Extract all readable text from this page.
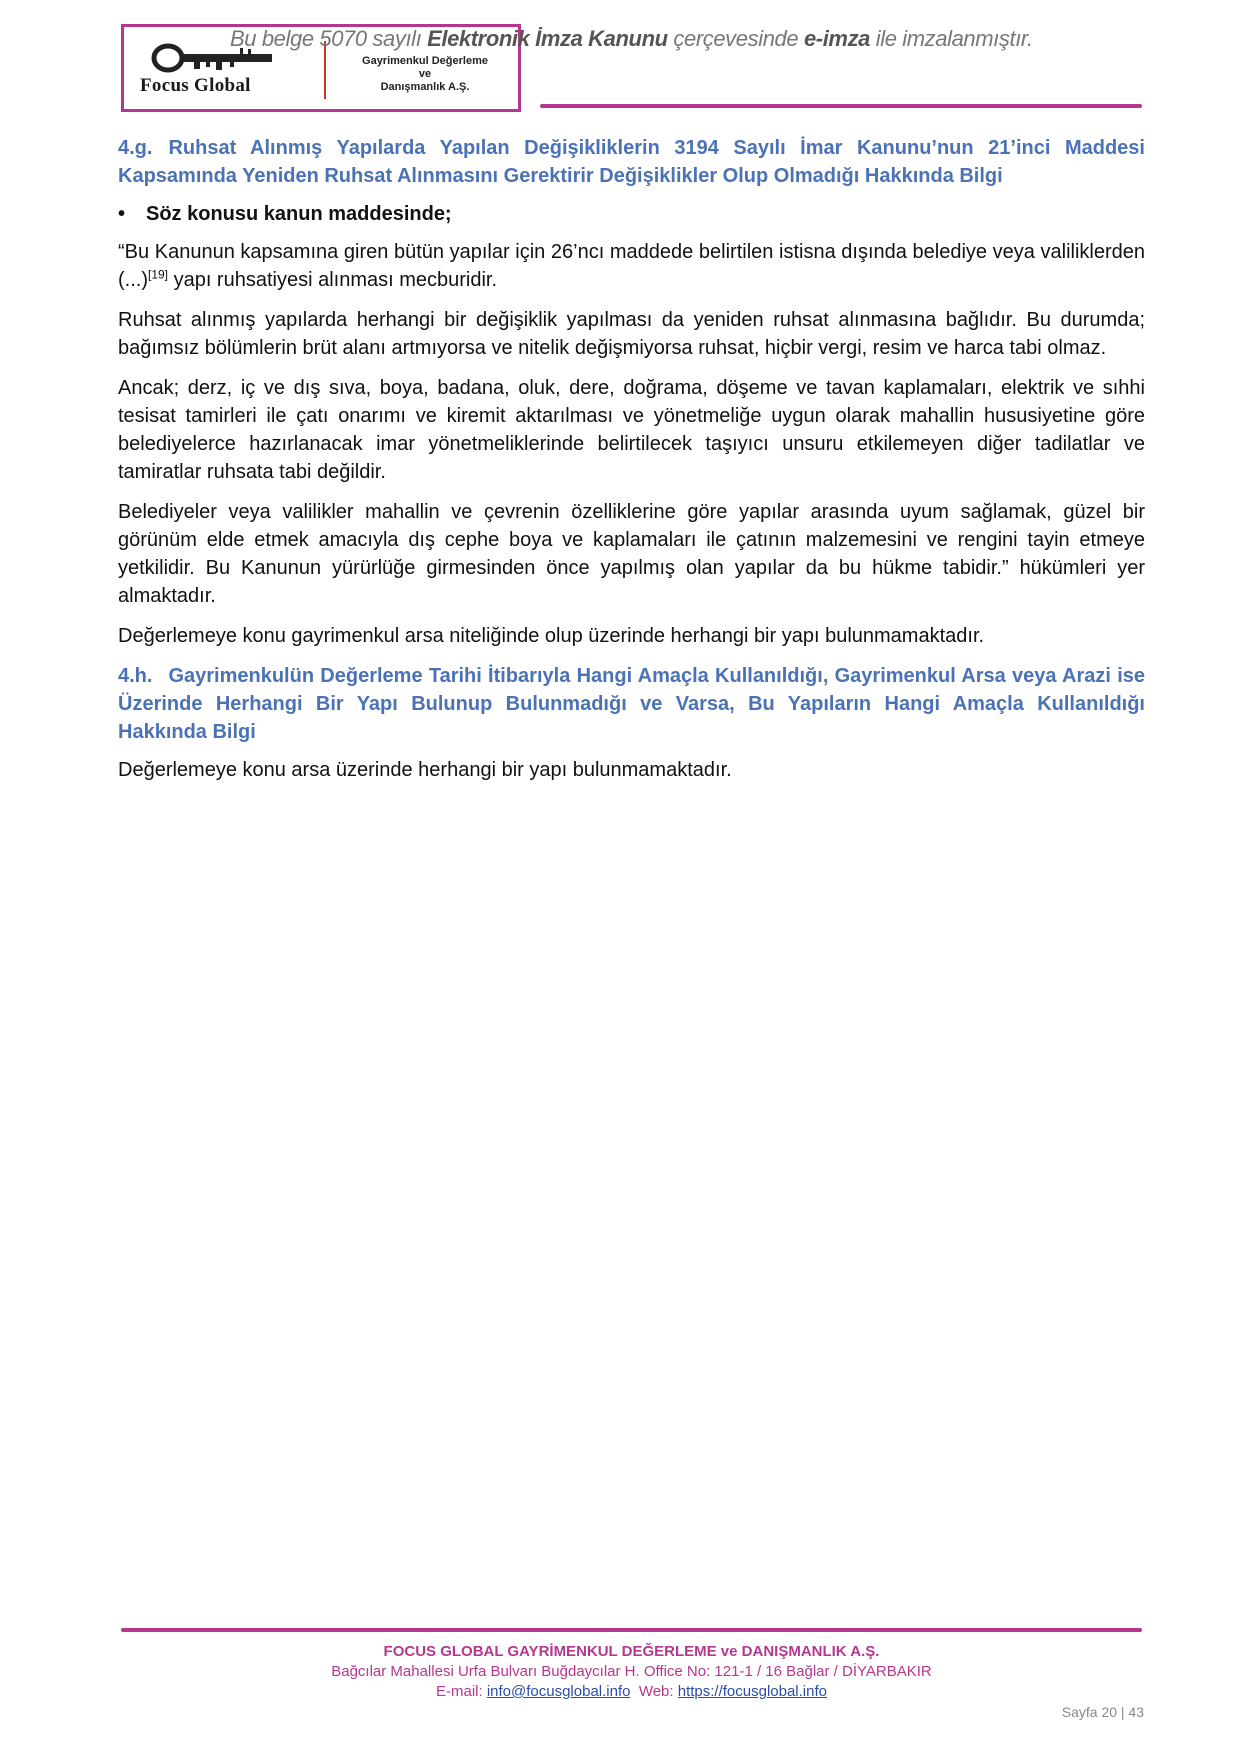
Focus Global
Gayrimenkul Değerleme
ve
Danışmanlık A.Ş.
Bu belge 5070 sayılı Elektronik İmza Kanunu çerçevesinde e-imza ile imzalanmıştır.

4.g. Ruhsat Alınmış Yapılarda Yapılan Değişikliklerin 3194 Sayılı İmar Kanunu’nun 21’inci Maddesi Kapsamında Yeniden Ruhsat Alınmasını Gerektirir Değişiklikler Olup Olmadığı Hakkında Bilgi

• Söz konusu kanun maddesinde;

“Bu Kanunun kapsamına giren bütün yapılar için 26’ncı maddede belirtilen istisna dışında belediye veya valiliklerden (...)[19] yapı ruhsatiyesi alınması mecburidir.

Ruhsat alınmış yapılarda herhangi bir değişiklik yapılması da yeniden ruhsat alınmasına bağlıdır. Bu durumda; bağımsız bölümlerin brüt alanı artmıyorsa ve nitelik değişmiyorsa ruhsat, hiçbir vergi, resim ve harca tabi olmaz.

Ancak; derz, iç ve dış sıva, boya, badana, oluk, dere, doğrama, döşeme ve tavan kaplamaları, elektrik ve sıhhi tesisat tamirleri ile çatı onarımı ve kiremit aktarılması ve yönetmeliğe uygun olarak mahallin hususiyetine göre belediyelerce hazırlanacak imar yönetmeliklerinde belirtilecek taşıyıcı unsuru etkilemeyen diğer tadilatlar ve tamiratlar ruhsata tabi değildir.

Belediyeler veya valilikler mahallin ve çevrenin özelliklerine göre yapılar arasında uyum sağlamak, güzel bir görünüm elde etmek amacıyla dış cephe boya ve kaplamaları ile çatının malzemesini ve rengini tayin etmeye yetkilidir. Bu Kanunun yürürlüğe girmesinden önce yapılmış olan yapılar da bu hükme tabidir.” hükümleri yer almaktadır.

Değerlemeye konu gayrimenkul arsa niteliğinde olup üzerinde herhangi bir yapı bulunmamaktadır.

4.h. Gayrimenkulün Değerleme Tarihi İtibarıyla Hangi Amaçla Kullanıldığı, Gayrimenkul Arsa veya Arazi ise Üzerinde Herhangi Bir Yapı Bulunup Bulunmadığı ve Varsa, Bu Yapıların Hangi Amaçla Kullanıldığı Hakkında Bilgi

Değerlemeye konu arsa üzerinde herhangi bir yapı bulunmamaktadır.

FOCUS GLOBAL GAYRİMENKUL DEĞERLEME ve DANIŞMANLIK A.Ş.
Bağcılar Mahallesi Urfa Bulvarı Buğdaycılar H. Office No: 121-1 / 16 Bağlar / DİYARBAKIR
E-mail: info@focusglobal.info  Web: https://focusglobal.info
Sayfa 20 | 43
